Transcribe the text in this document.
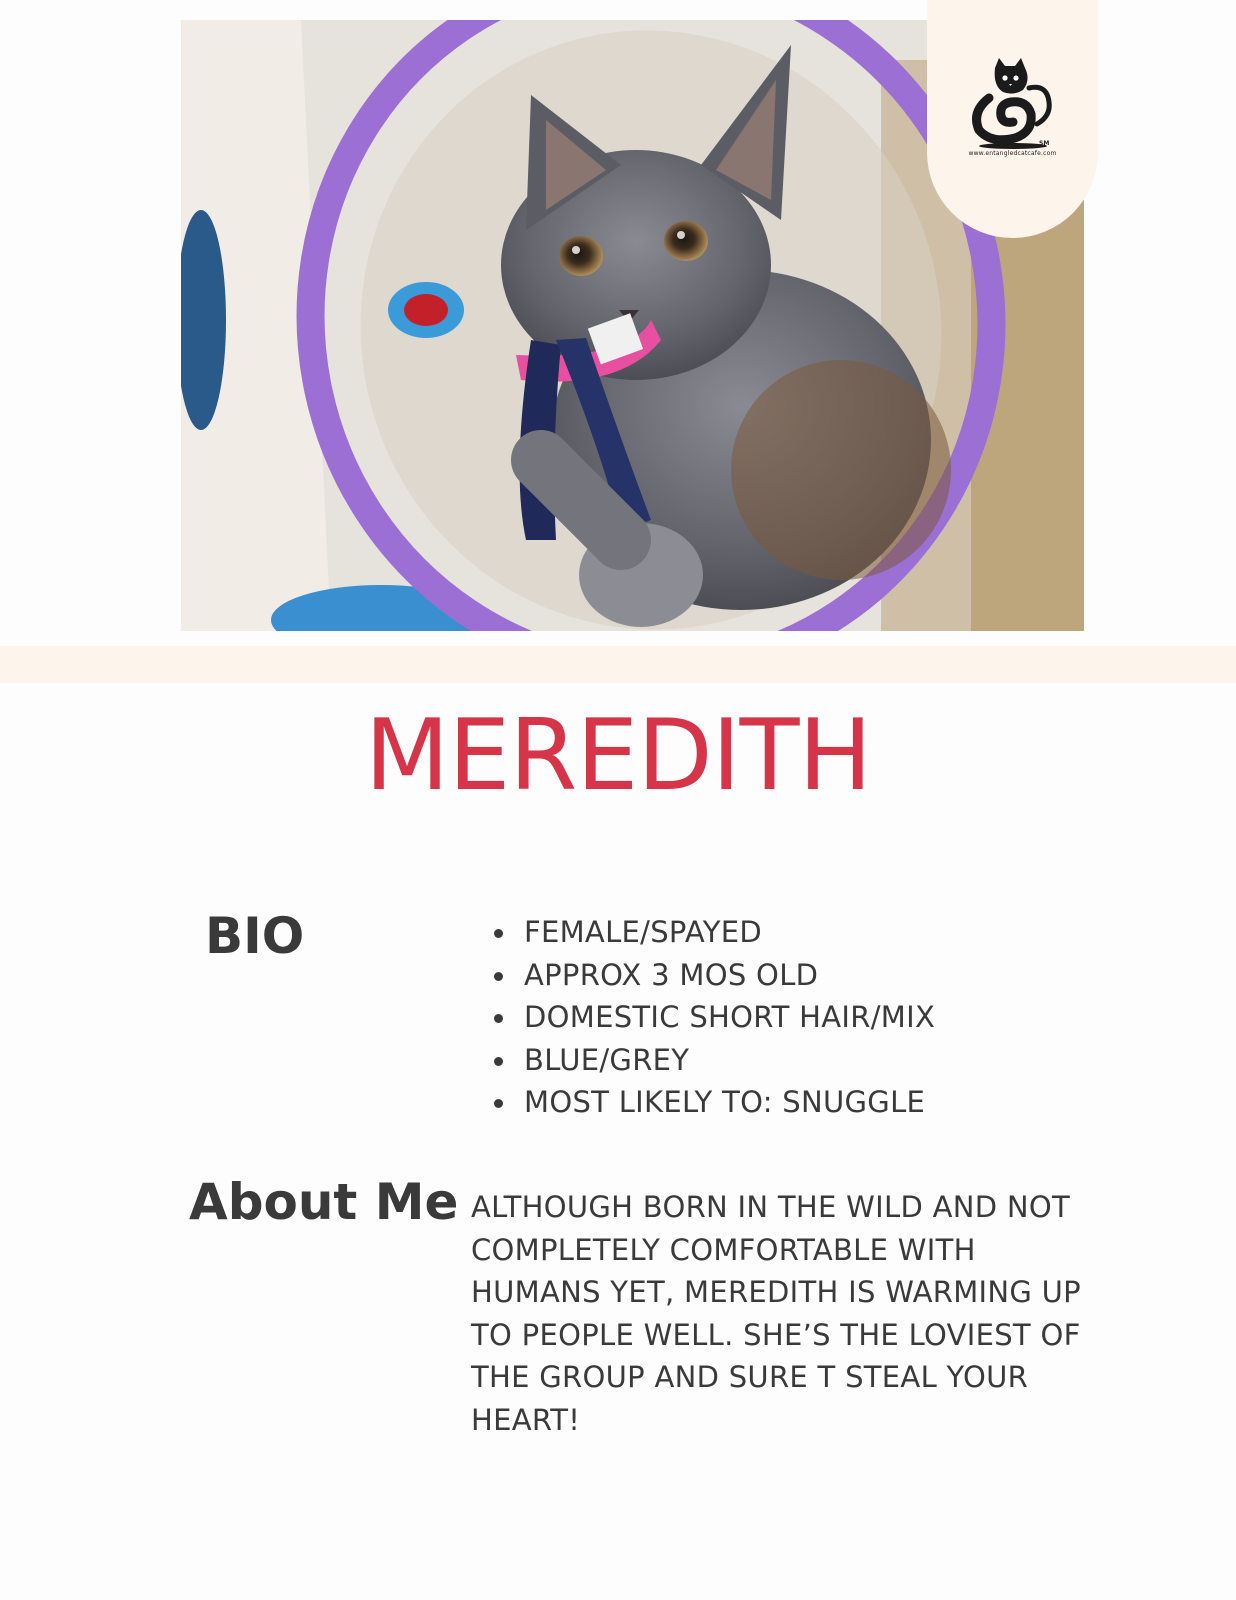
SM
www.entangledcatcafe.com
MEREDITH
BIO	FEMALE/SPAYED
APPROX 3 MOS OLD
DOMESTIC SHORT HAIR/MIX
BLUE/GREY
MOST LIKELY TO: SNUGGLE
About Me ALTHOUGH BORN IN THE WILD AND NOT COMPLETELY COMFORTABLE WITH HUMANS YET, MEREDITH IS WARMING UP TO PEOPLE WELL. SHE’S THE LOVIEST OF THE GROUP AND SURE T STEAL YOUR HEART!
